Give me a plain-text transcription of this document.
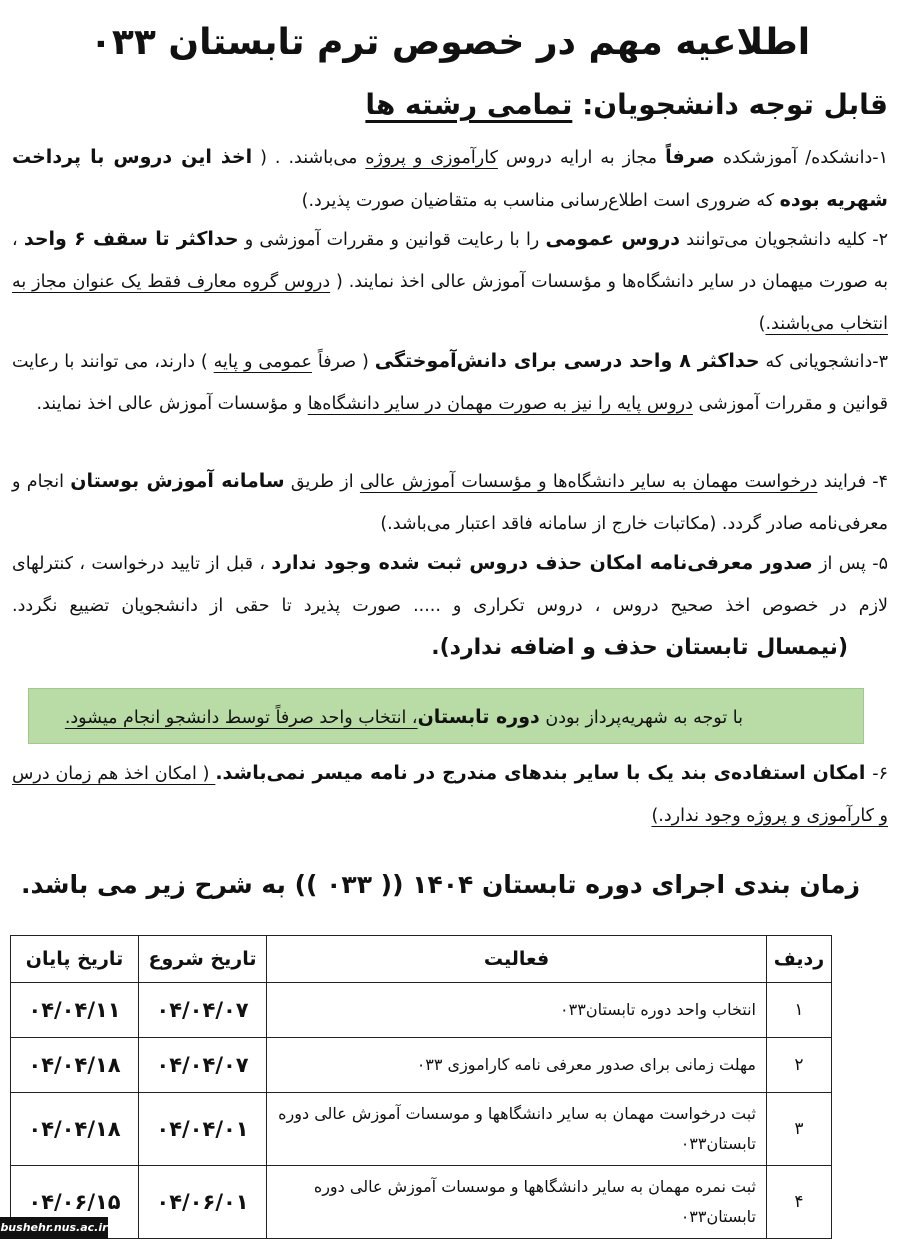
اطلاعیه مهم در خصوص ترم تابستان ۰۳۳
قابل توجه دانشجویان: تمامی رشته ها
۱-دانشکده/ آموزشکده صرفاً مجاز به ارایه دروس کارآموزی و پروژه می‌باشند. . ( اخذ این دروس با پرداخت شهریه بوده که ضروری است اطلاع‌رسانی مناسب به متقاضیان صورت پذیرد.)
۲- کلیه دانشجویان می‌توانند دروس عمومی را با رعایت قوانین و مقررات آموزشی و حداکثر تا سقف ۶ واحد ، به صورت میهمان در سایر دانشگاه‌ها و مؤسسات آموزش عالی اخذ نمایند. ( دروس گروه معارف فقط یک عنوان مجاز به انتخاب می‌باشند.)
۳-دانشجویانی که حداکثر ۸ واحد درسی برای دانش‌آموختگی ( صرفاً عمومی و پایه ) دارند، می توانند با رعایت قوانین و مقررات آموزشی دروس پایه را نیز به صورت مهمان در سایر دانشگاه‌ها و مؤسسات آموزش عالی اخذ نمایند.
۴- فرایند درخواست مهمان به سایر دانشگاه‌ها و مؤسسات آموزش عالی از طریق سامانه آموزش بوستان انجام و معرفی‌نامه صادر گردد. (مکاتبات خارج از سامانه فاقد اعتبار می‌باشد.)
۵- پس از صدور معرفی‌نامه امکان حذف دروس ثبت شده وجود ندارد ، قبل از تایید درخواست ، کنترلهای لازم در خصوص اخذ صحیح دروس ، دروس تکراری و ..... صورت پذیرد تا حقی از دانشجویان تضییع نگردد. (نیمسال تابستان حذف و اضافه ندارد).
با توجه به شهریه‌پرداز بودن دوره تابستان، انتخاب واحد صرفاً توسط دانشجو انجام میشود.
۶- امکان استفاده‌ی بند یک با سایر بندهای مندرج در نامه میسر نمی‌باشد. ( امکان اخذ هم زمان درس و کارآموزی و پروژه وجود ندارد.)
زمان بندی اجرای دوره تابستان ۱۴۰۴ (( ۰۳۳ )) به شرح زیر می باشد.
ردیف	فعالیت	تاریخ شروع	تاریخ پایان
۱	انتخاب واحد دوره تابستان۰۳۳	۰۴/۰۴/۰۷	۰۴/۰۴/۱۱
۲	مهلت زمانی برای صدور معرفی نامه کاراموزی ۰۳۳	۰۴/۰۴/۰۷	۰۴/۰۴/۱۸
۳	ثبت درخواست مهمان به سایر دانشگاهها و موسسات آموزش عالی دوره تابستان۰۳۳	۰۴/۰۴/۰۱	۰۴/۰۴/۱۸
۴	ثبت نمره مهمان به سایر دانشگاهها و موسسات آموزش عالی دوره تابستان۰۳۳	۰۴/۰۶/۰۱	۰۴/۰۶/۱۵
bushehr.nus.ac.ir
